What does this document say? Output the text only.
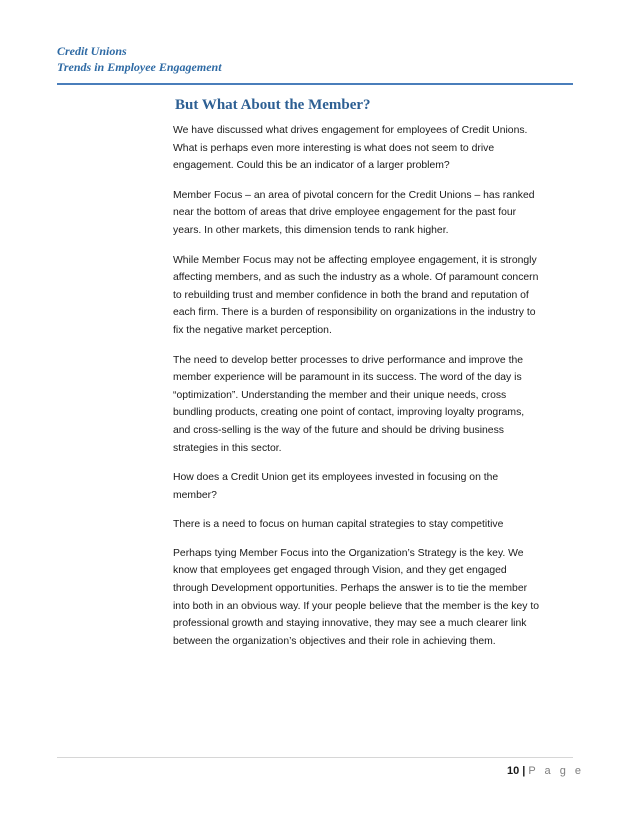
Credit Unions

Trends in Employee Engagement

But What About the Member?

We have discussed what drives engagement for employees of Credit Unions. What is perhaps even more interesting is what does not seem to drive engagement. Could this be an indicator of a larger problem?

Member Focus – an area of pivotal concern for the Credit Unions – has ranked near the bottom of areas that drive employee engagement for the past four years. In other markets, this dimension tends to rank higher.

While Member Focus may not be affecting employee engagement, it is strongly affecting members, and as such the industry as a whole. Of paramount concern to rebuilding trust and member confidence in both the brand and reputation of each firm. There is a burden of responsibility on organizations in the industry to fix the negative market perception.

The need to develop better processes to drive performance and improve the member experience will be paramount in its success. The word of the day is “optimization”. Understanding the member and their unique needs, cross bundling products, creating one point of contact, improving loyalty programs, and cross-selling is the way of the future and should be driving business strategies in this sector.

How does a Credit Union get its employees invested in focusing on the member?

There is a need to focus on human capital strategies to stay competitive

Perhaps tying Member Focus into the Organization’s Strategy is the key. We know that employees get engaged through Vision, and they get engaged through Development opportunities. Perhaps the answer is to tie the member into both in an obvious way. If your people believe that the member is the key to professional growth and staying innovative, they may see a much clearer link between the organization’s objectives and their role in achieving them.

10 | P a g e
